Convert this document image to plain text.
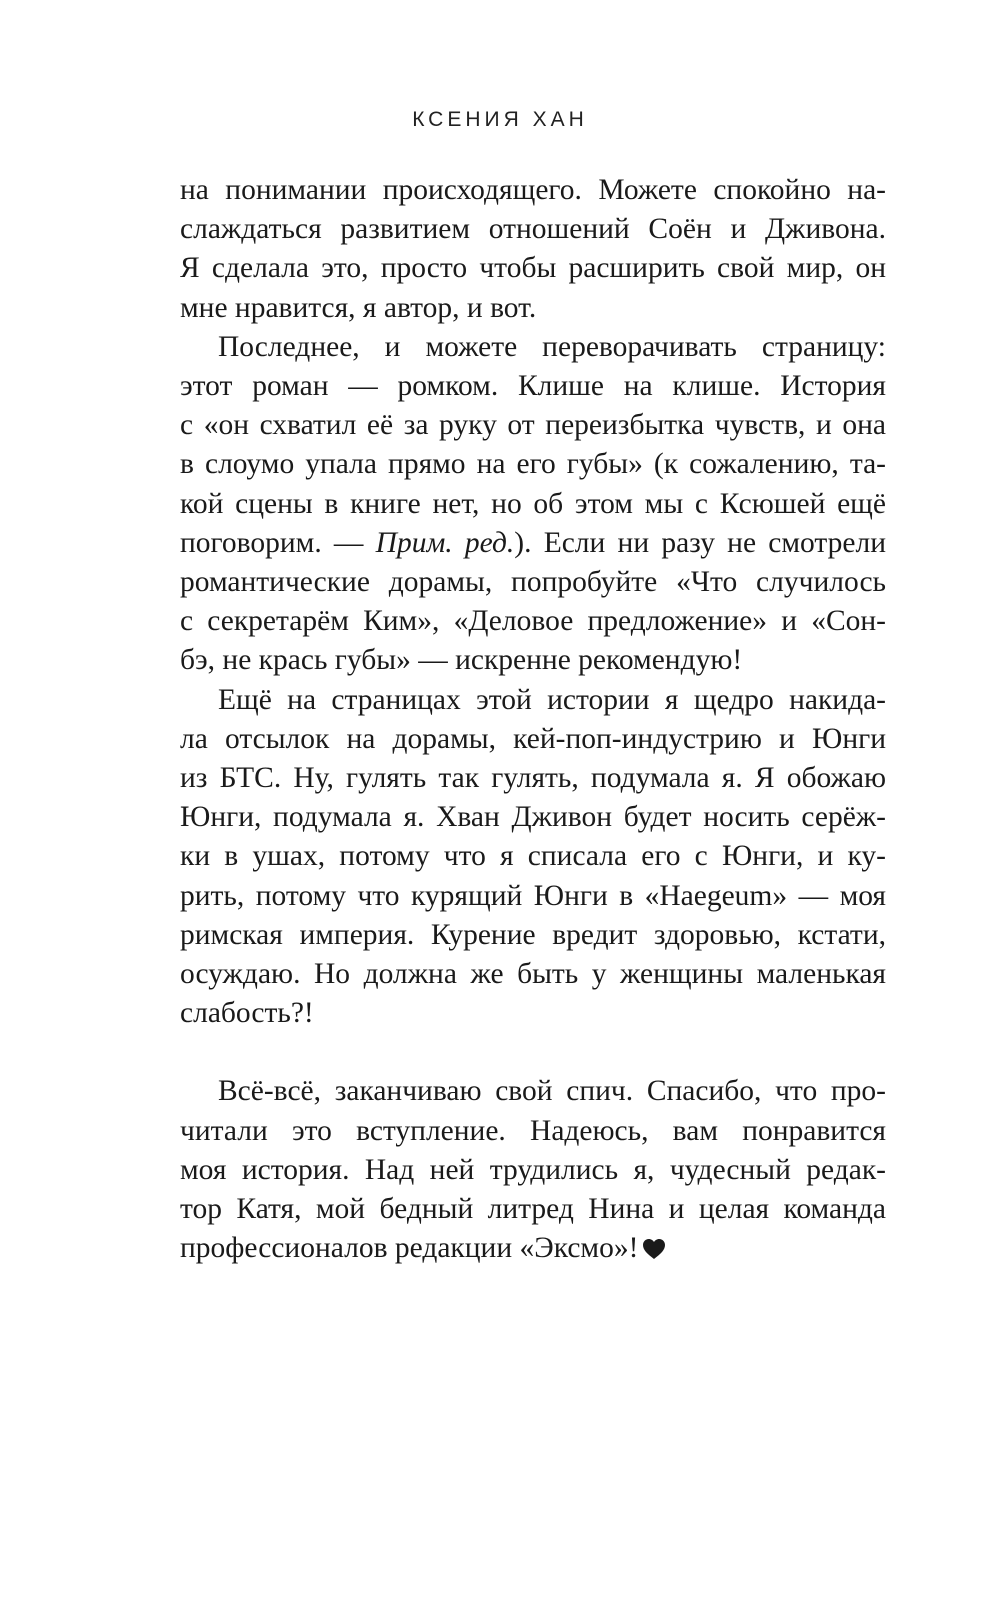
КСЕНИЯ ХАН
на понимании происходящего. Можете спокойно на-
слаждаться развитием отношений Соён и Дживона.
Я сделала это, просто чтобы расширить свой мир, он
мне нравится, я автор, и вот.
Последнее, и можете переворачивать страницу:
этот роман — ромком. Клише на клише. История
с «он схватил её за руку от переизбытка чувств, и она
в слоумо упала прямо на его губы» (к сожалению, та-
кой сцены в книге нет, но об этом мы с Ксюшей ещё
поговорим. — Прим. ред.). Если ни разу не смотрели
романтические дорамы, попробуйте «Что случилось
с секретарём Ким», «Деловое предложение» и «Сон-
бэ, не крась губы» — искренне рекомендую!
Ещё на страницах этой истории я щедро накида-
ла отсылок на дорамы, кей-поп-индустрию и Юнги
из БТС. Ну, гулять так гулять, подумала я. Я обожаю
Юнги, подумала я. Хван Дживон будет носить серёж-
ки в ушах, потому что я списала его с Юнги, и ку-
рить, потому что курящий Юнги в «Haegeum» — моя
римская империя. Курение вредит здоровью, кстати,
осуждаю. Но должна же быть у женщины маленькая
слабость?!
Всё-всё, заканчиваю свой спич. Спасибо, что про-
читали это вступление. Надеюсь, вам понравится
моя история. Над ней трудились я, чудесный редак-
тор Катя, мой бедный литред Нина и целая команда
профессионалов редакции «Эксмо»!
